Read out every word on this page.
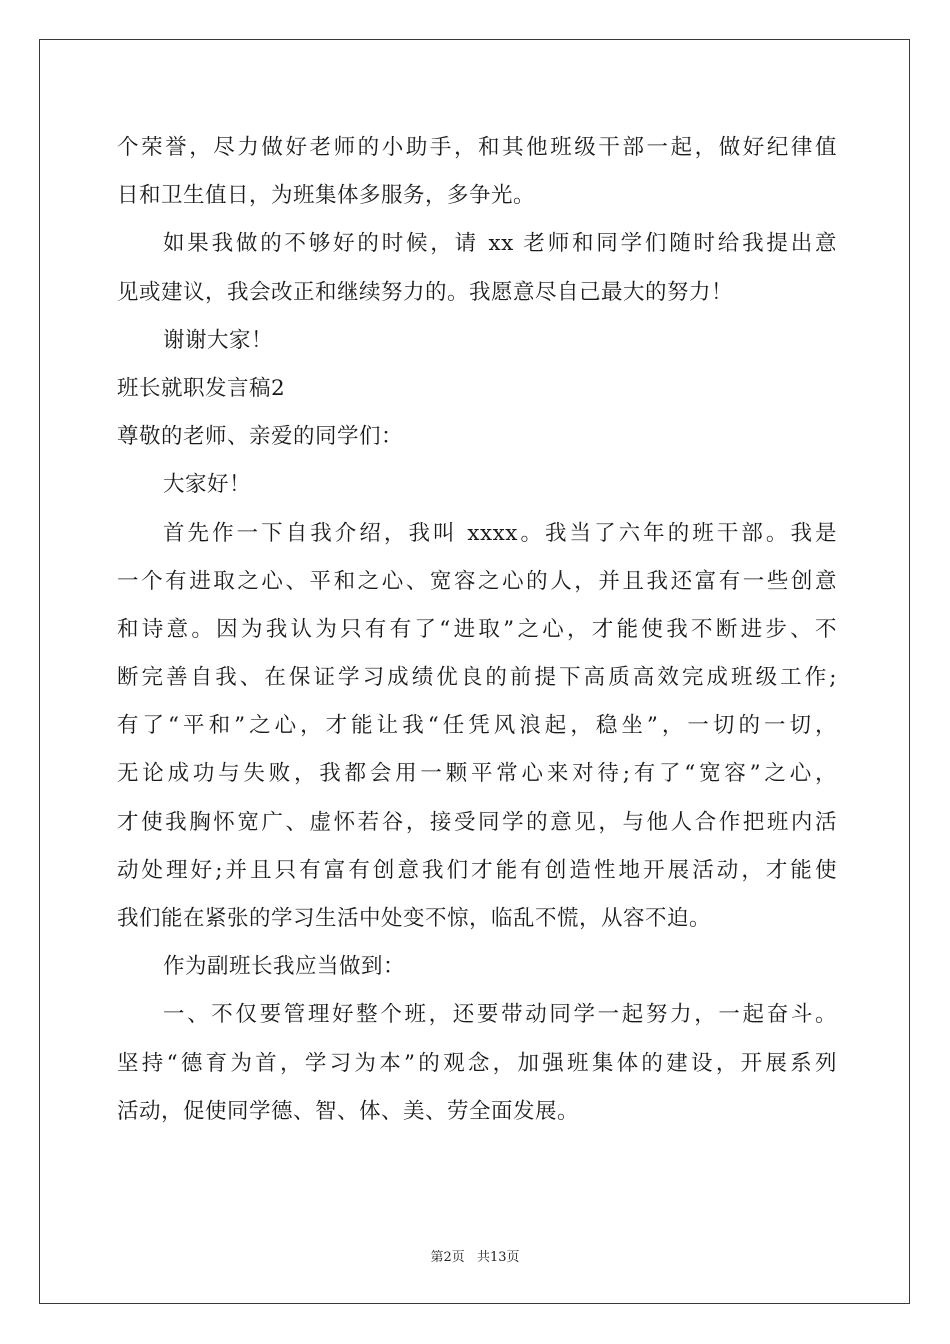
个荣誉，尽力做好老师的小助手，和其他班级干部一起，做好纪律值
日和卫生值日，为班集体多服务，多争光。
如果我做的不够好的时候，请 xx 老师和同学们随时给我提出意
见或建议，我会改正和继续努力的。我愿意尽自己最大的努力！
谢谢大家！
班长就职发言稿2
尊敬的老师、亲爱的同学们：
大家好！
首先作一下自我介绍，我叫 xxxx。我当了六年的班干部。我是
一个有进取之心、平和之心、宽容之心的人，并且我还富有一些创意
和诗意。因为我认为只有有了“进取”之心，才能使我不断进步、不
断完善自我、在保证学习成绩优良的前提下高质高效完成班级工作;
有了“平和”之心，才能让我“任凭风浪起，稳坐”，一切的一切，
无论成功与失败，我都会用一颗平常心来对待;有了“宽容”之心，
才使我胸怀宽广、虚怀若谷，接受同学的意见，与他人合作把班内活
动处理好;并且只有富有创意我们才能有创造性地开展活动，才能使
我们能在紧张的学习生活中处变不惊，临乱不慌，从容不迫。
作为副班长我应当做到：
一、不仅要管理好整个班，还要带动同学一起努力，一起奋斗。
坚持“德育为首，学习为本”的观念，加强班集体的建设，开展系列
活动，促使同学德、智、体、美、劳全面发展。
第2页 共13页
